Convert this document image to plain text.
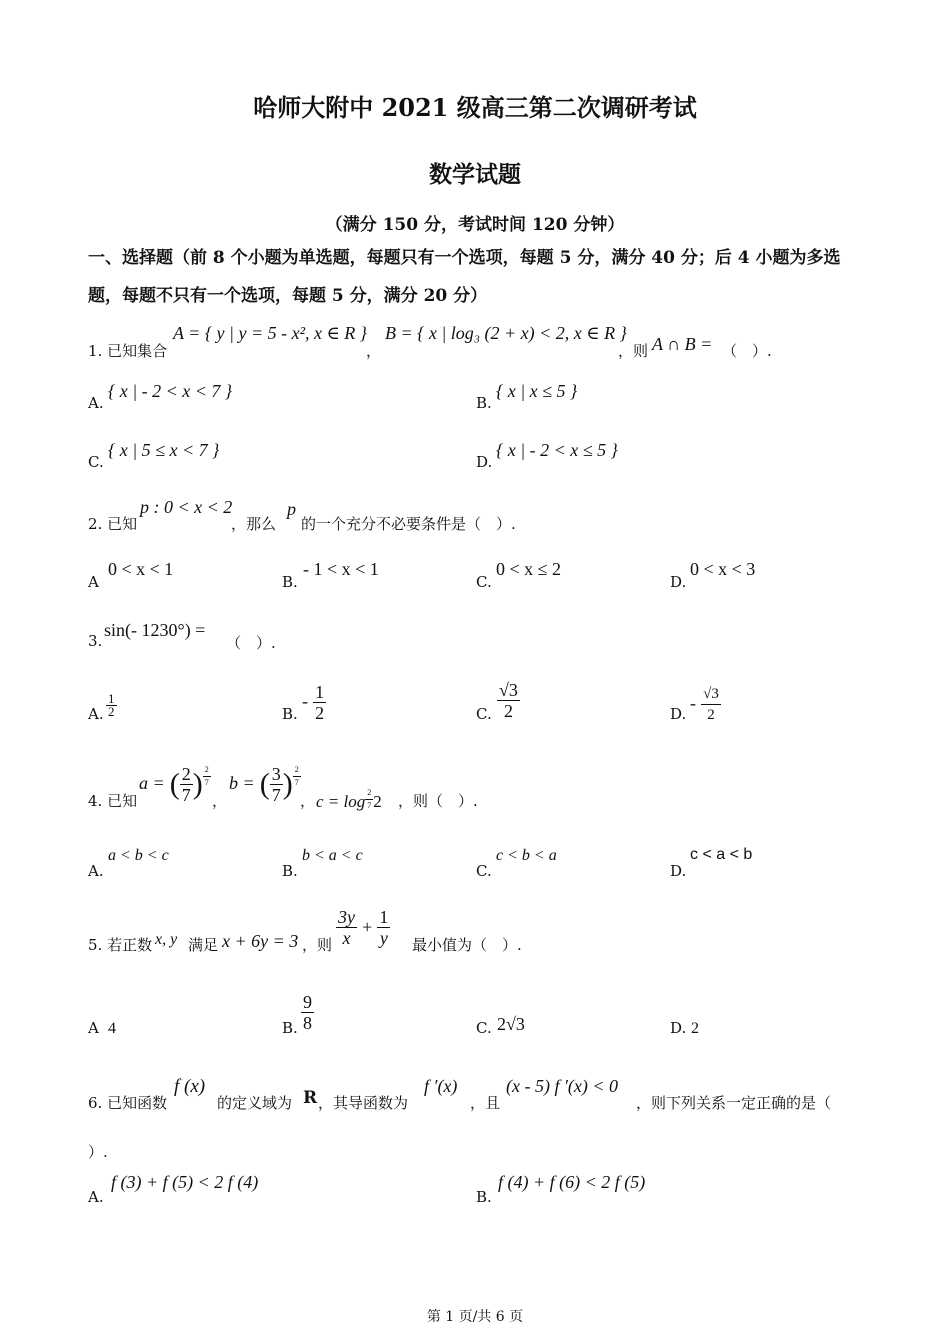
哈师大附中 2021 级高三第二次调研考试
数学试题
（满分 150 分，考试时间 120 分钟）
一、选择题（前 8 个小题为单选题，每题只有一个选项，每题 5 分，满分 40 分；后 4 小题为多选题，每题不只有一个选项，每题 5 分，满分 20 分）
1. 已知集合
A = { y | y = 5 - x², x ∈ R }
，
B = { x | log₃ (2 + x) < 2, x ∈ R }
，则 A ∩ B = （　）.
A.
{ x | - 2 < x < 7 }
B.
{ x | x ≤ 5 }
C.
{ x | 5 ≤ x < 7 }
D.
{ x | - 2 < x ≤ 5 }
2. 已知
p : 0 < x < 2
，那么
p
的一个充分不必要条件是（　）.
A
0 < x < 1
B.
- 1 < x < 1
C.
0 < x ≤ 2
D.
0 < x < 3
3.
sin(- 1230°) =
（　）.
A. $\frac{1}{2}$	B.
- $\frac{1}{2}$	C. $\frac{√3}{2}$	D.
- $\frac{√3}{2}$
4. 已知
a = ( $\frac{2}{7}$ ) $\frac{2}{7}$
，
b = ( $\frac{3}{7}$ ) $\frac{2}{7}$
， $c = \log \frac{2}{7} 2$ ，则（　）.
A.
a < b < c
B.
b < a < c
C.
c < b < a
D.
c < a < b
5. 若正数 x, y 满足 x + 6y = 3 ，则 $\frac{3y}{x} + \frac{1}{y}$ 最小值为（　）.
A 4	B. $\frac{9}{8}$	C. 2√3	D. 2
6. 已知函数
f (x)
的定义域为 R ，其导函数为
f ′(x)
，且
(x - 5) f ′(x) < 0
，则下列关系一定正确的是（
）.
A.
f (3) + f (5) < 2 f (4)
B.
f (4) + f (6) < 2 f (5)
第 1 页/共 6 页
